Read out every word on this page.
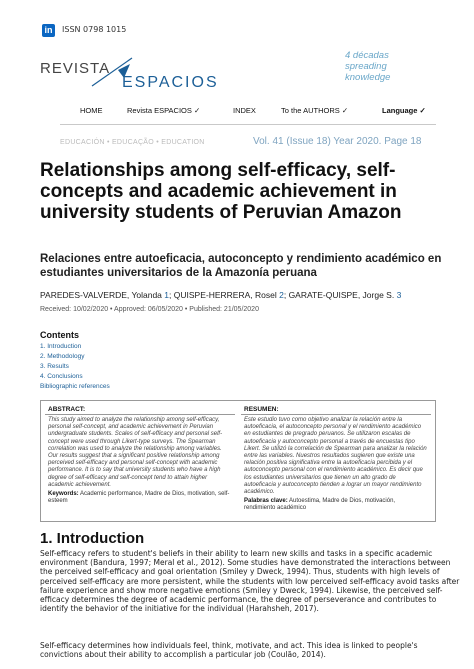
in	ISSN 0798 1015
REVISTA
ESPACIOS
4 décadas
spreading
knowledge
HOME	Revista ESPACIOS ✓	INDEX	To the AUTHORS ✓	Language ✓
EDUCACIÓN • EDUCAÇÃO • EDUCATION	Vol. 41 (Issue 18) Year 2020. Page 18
Relationships among self-efficacy, self-concepts and academic achievement in university students of Peruvian Amazon
Relaciones entre autoeficacia, autoconcepto y rendimiento académico en estudiantes universitarios de la Amazonía peruana
PAREDES-VALVERDE, Yolanda 1; QUISPE-HERRERA, Rosel 2; GARATE-QUISPE, Jorge S. 3
Received: 10/02/2020 • Approved: 06/05/2020 • Published: 21/05/2020
Contents
1. Introduction
2. Methodology
3. Results
4. Conclusions
Bibliographic references
ABSTRACT:
This study aimed to analyze the relationship among self-efficacy, personal self-concept, and academic achievement in Peruvian undergraduate students. Scales of self-efficacy and personal self-concept were used through Likert-type surveys. The Spearman correlation was used to analyze the relationship among variables. Our results suggest that a significant positive relationship among perceived self-efficacy and personal self-concept with academic performance. It is to say that university students who have a high degree of self-efficacy and self-concept tend to attain higher academic achievement.
Keywords: Academic performance, Madre de Dios, motivation, self-esteem
RESUMEN:
Este estudio tuvo como objetivo analizar la relación entre la autoeficacia, el autoconcepto personal y el rendimiento académico en estudiantes de pregrado peruanos. Se utilizaron escalas de autoeficacia y autoconcepto personal a través de encuestas tipo Likert. Se utilizó la correlación de Spearman para analizar la relación entre las variables. Nuestros resultados sugieren que existe una relación positiva significativa entre la autoeficacia percibida y el autoconcepto personal con el rendimiento académico. Es decir que los estudiantes universitarios que tienen un alto grado de autoeficacia y autoconcepto tienden a lograr un mayor rendimiento académico.
Palabras clave: Autoestima, Madre de Dios, motivación, rendimiento académico
1. Introduction

Self-efficacy refers to student's beliefs in their ability to learn new skills and tasks in a specific academic environment (Bandura, 1997; Meral et al., 2012). Some studies have demonstrated the interactions between the perceived self-efficacy and goal orientation (Smiley y Dweck, 1994). Thus, students with high levels of perceived self-efficacy are more persistent, while the students with low perceived self-efficacy avoid tasks after failure experience and show more negative emotions (Smiley y Dweck, 1994). Likewise, the perceived self-efficacy determines the degree of academic performance, the degree of perseverance and contributes to identify the behavior of the initiative for the individual (Harahsheh, 2017).

Self-efficacy determines how individuals feel, think, motivate, and act. This idea is linked to people's convictions about their ability to accomplish a particular job (Coulão, 2014).
